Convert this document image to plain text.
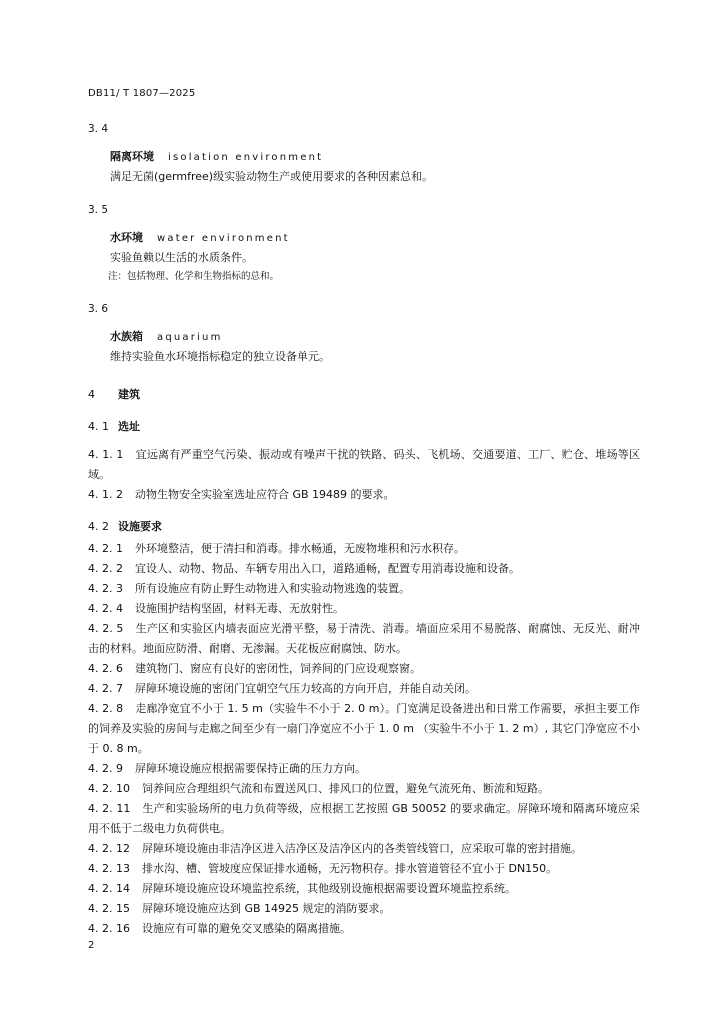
DB11/ T 1807—2025
3. 4
隔离环境 isolation environment
满足无菌(germfree)级实验动物生产或使用要求的各种因素总和。
3. 5
水环境 water environment
实验鱼赖以生活的水质条件。
注：包括物理、化学和生物指标的总和。
3. 6
水族箱 aquarium
维持实验鱼水环境指标稳定的独立设备单元。
4 建筑
4. 1 选址
4. 1. 1 宜远离有严重空气污染、振动或有噪声干扰的铁路、码头、飞机场、交通要道、工厂、贮仓、堆场等区域。
4. 1. 2 动物生物安全实验室选址应符合 GB 19489 的要求。
4. 2 设施要求
4. 2. 1 外环境整洁，便于清扫和消毒。排水畅通，无废物堆积和污水积存。
4. 2. 2 宜设人、动物、物品、车辆专用出入口，道路通畅，配置专用消毒设施和设备。
4. 2. 3 所有设施应有防止野生动物进入和实验动物逃逸的装置。
4. 2. 4 设施围护结构坚固，材料无毒、无放射性。
4. 2. 5 生产区和实验区内墙表面应光滑平整，易于清洗、消毒。墙面应采用不易脱落、耐腐蚀、无反光、耐冲击的材料。地面应防滑、耐磨、无渗漏。天花板应耐腐蚀、防水。
4. 2. 6 建筑物门、窗应有良好的密闭性，饲养间的门应设观察窗。
4. 2. 7 屏障环境设施的密闭门宜朝空气压力较高的方向开启，并能自动关闭。
4. 2. 8 走廊净宽宜不小于 1. 5 m（实验牛不小于 2. 0 m）。门宽满足设备进出和日常工作需要，承担主要工作的饲养及实验的房间与走廊之间至少有一扇门净宽应不小于 1. 0 m （实验牛不小于 1. 2 m）, 其它门净宽应不小于 0. 8 m。
4. 2. 9 屏障环境设施应根据需要保持正确的压力方向。
4. 2. 10 饲养间应合理组织气流和布置送风口、排风口的位置，避免气流死角、断流和短路。
4. 2. 11 生产和实验场所的电力负荷等级，应根据工艺按照 GB 50052 的要求确定。屏障环境和隔离环境应采用不低于二级电力负荷供电。
4. 2. 12 屏障环境设施由非洁净区进入洁净区及洁净区内的各类管线管口，应采取可靠的密封措施。
4. 2. 13 排水沟、槽、管坡度应保证排水通畅，无污物积存。排水管道管径不宜小于 DN150。
4. 2. 14 屏障环境设施应设环境监控系统，其他级别设施根据需要设置环境监控系统。
4. 2. 15 屏障环境设施应达到 GB 14925 规定的消防要求。
4. 2. 16 设施应有可靠的避免交叉感染的隔离措施。
2
